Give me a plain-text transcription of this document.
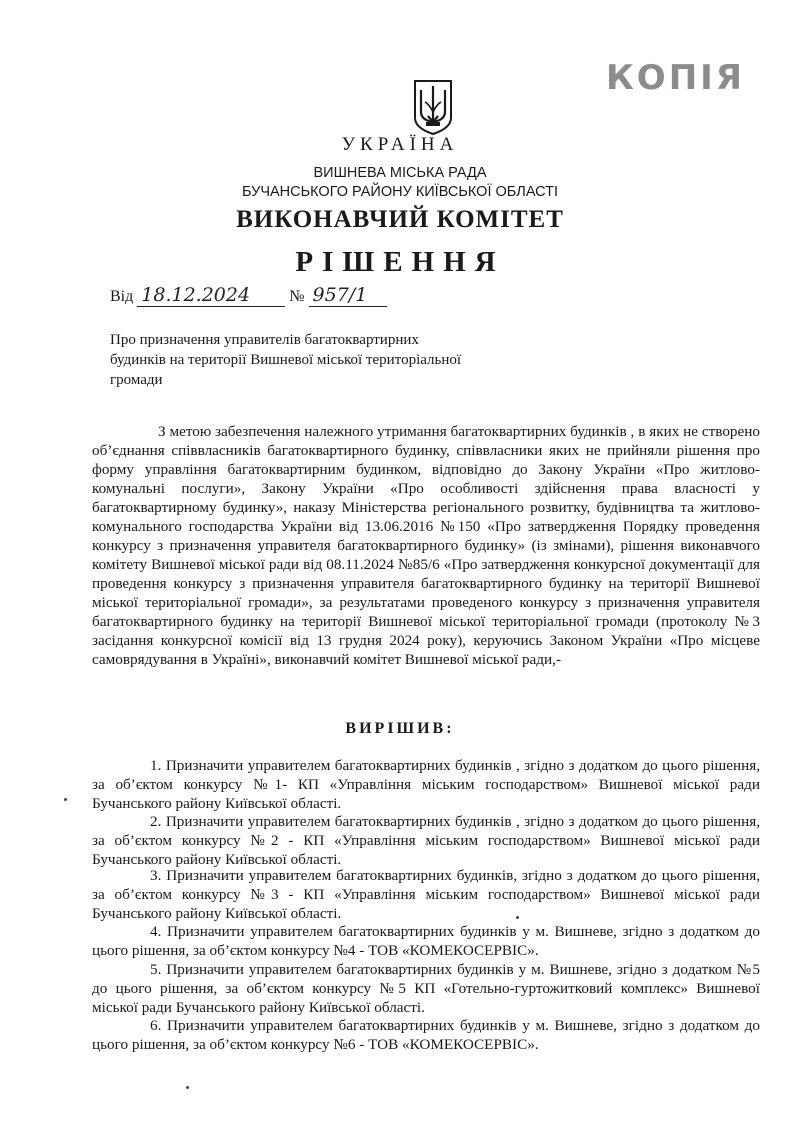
КОПІЯ
УКРАЇНА
ВИШНЕВА МІСЬКА РАДА
БУЧАНСЬКОГО РАЙОНУ КИЇВСЬКОЇ ОБЛАСТІ
ВИКОНАВЧИЙ КОМІТЕТ
РІШЕННЯ
Від 18.12.2024 № 957/1

Про призначення управителів багатоквартирних будинків на території Вишневої міської територіальної громади

З метою забезпечення належного утримання багатоквартирних будинків , в яких не створено об’єднання співвласників багатоквартирного будинку, співвласники яких не прийняли рішення про форму управління багатоквартирним будинком, відповідно до Закону України «Про житлово-комунальні послуги», Закону України «Про особливості здійснення права власності у багатоквартирному будинку», наказу Міністерства регіонального розвитку, будівництва та житлово-комунального господарства України від 13.06.2016 №150 «Про затвердження Порядку проведення конкурсу з призначення управителя багатоквартирного будинку» (із змінами), рішення виконавчого комітету Вишневої міської ради від 08.11.2024 №85/6 «Про затвердження конкурсної документації для проведення конкурсу з призначення управителя багатоквартирного будинку на території Вишневої міської територіальної громади», за результатами проведеного конкурсу з призначення управителя багатоквартирного будинку на території Вишневої міської територіальної громади (протоколу №3 засідання конкурсної комісії від 13 грудня 2024 року), керуючись Законом України «Про місцеве самоврядування в Україні», виконавчий комітет Вишневої міської ради,-

ВИРІШИВ:

1. Призначити управителем багатоквартирних будинків , згідно з додатком до цього рішення, за об’єктом конкурсу №1- КП «Управління міським господарством» Вишневої міської ради Бучанського району Київської області.

2. Призначити управителем багатоквартирних будинків , згідно з додатком до цього рішення, за об’єктом конкурсу №2 - КП «Управління міським господарством» Вишневої міської ради Бучанського району Київської області.

3. Призначити управителем багатоквартирних будинків, згідно з додатком до цього рішення, за об’єктом конкурсу №3 - КП «Управління міським господарством» Вишневої міської ради Бучанського району Київської області.

4. Призначити управителем багатоквартирних будинків у м. Вишневе, згідно з додатком до цього рішення, за об’єктом конкурсу №4 - ТОВ «КОМЕКОСЕРВІС».

5. Призначити управителем багатоквартирних будинків у м. Вишневе, згідно з додатком №5 до цього рішення, за об’єктом конкурсу №5 КП «Готельно-гуртожитковий комплекс» Вишневої міської ради Бучанського району Київської області.

6. Призначити управителем багатоквартирних будинків у м. Вишневе, згідно з додатком до цього рішення, за об’єктом конкурсу №6 - ТОВ «КОМЕКОСЕРВІС».
